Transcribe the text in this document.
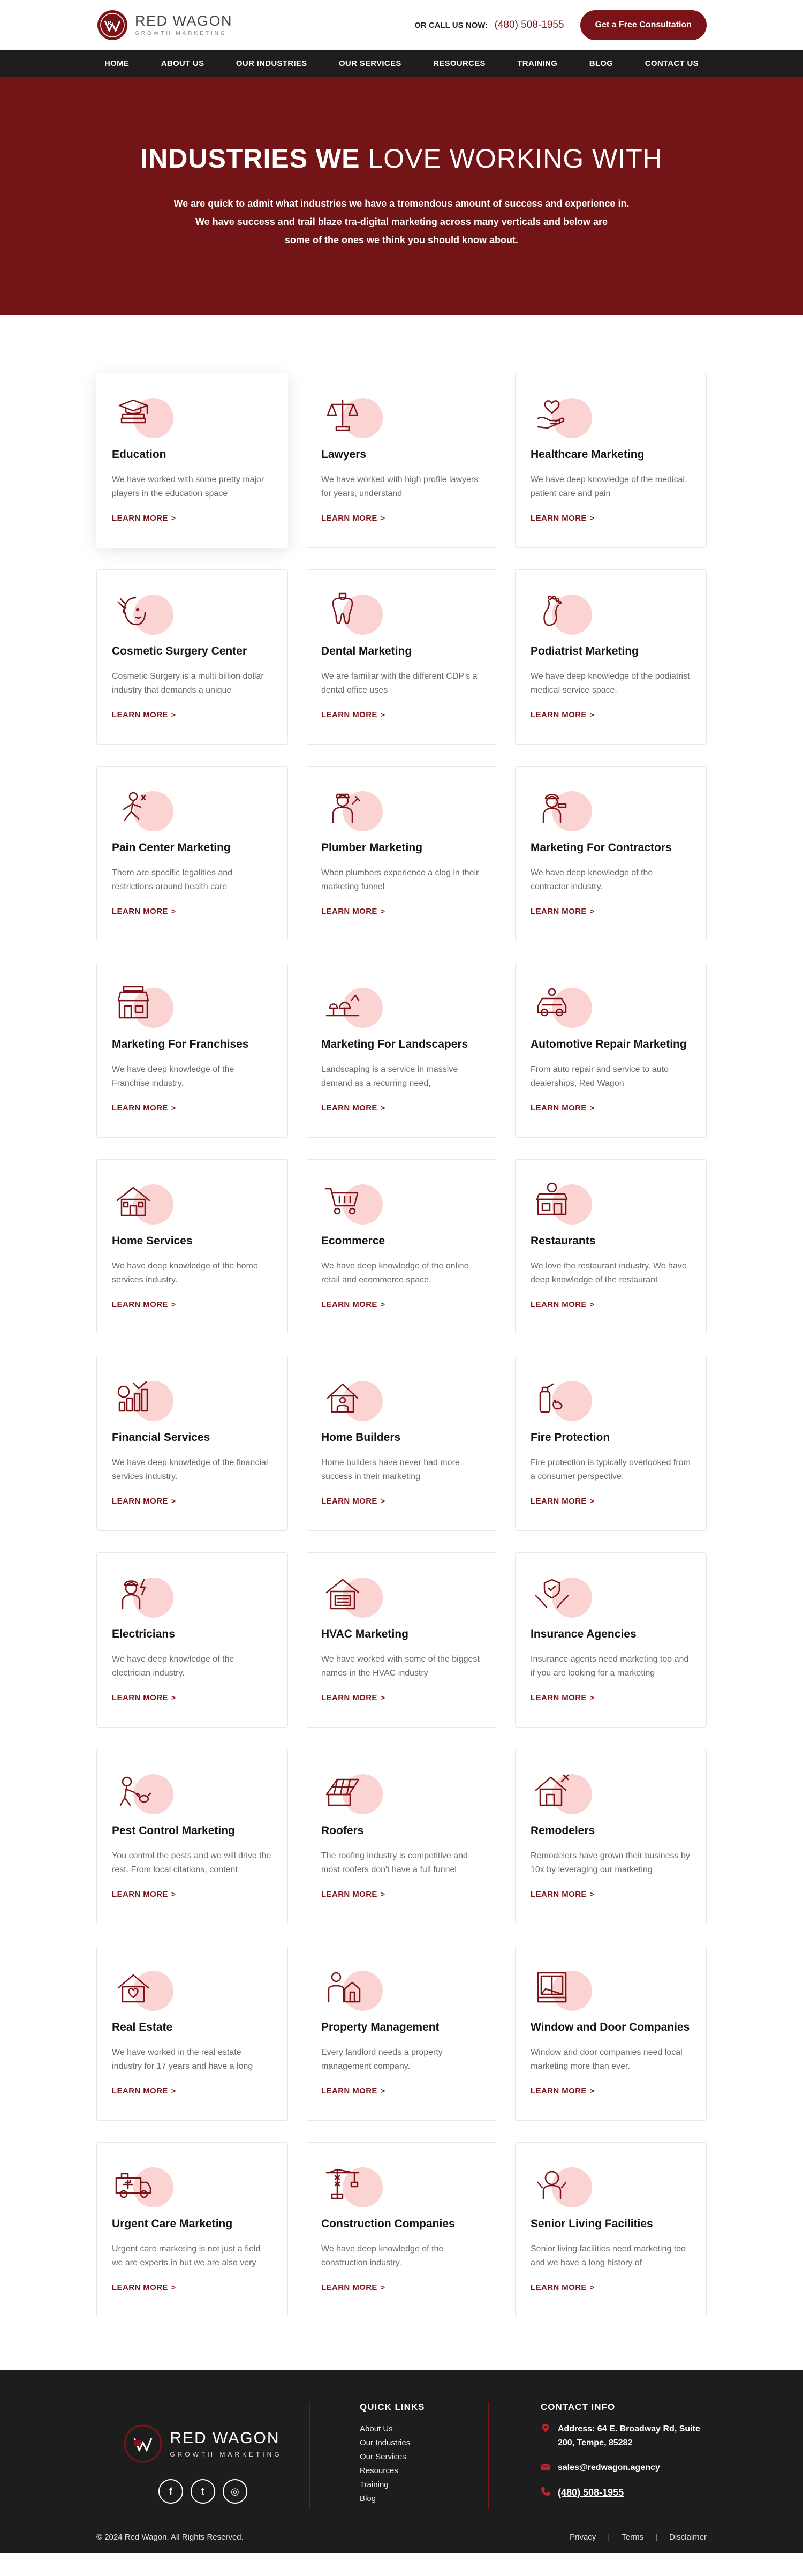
R RED WAGON
GROWTH MARKETING
OR CALL US NOW: (480) 508-1955	Get a Free Consultation
HOME	ABOUT US	OUR INDUSTRIES	OUR SERVICES	RESOURCES	TRAINING	BLOG	CONTACT US
INDUSTRIES WE LOVE WORKING WITH

We are quick to admit what industries we have a tremendous amount of success and experience in.
We have success and trail blaze tra-digital marketing across many verticals and below are
some of the ones we think you should know about.

Education
We have worked with some pretty major players in the education space
LEARN MORE >
Lawyers
We have worked with high profile lawyers for years, understand
LEARN MORE >
Healthcare Marketing
We have deep knowledge of the medical, patient care and pain
LEARN MORE >
Cosmetic Surgery Center
Cosmetic Surgery is a multi billion dollar industry that demands a unique
LEARN MORE >
Dental Marketing
We are familiar with the different CDP's a dental office uses
LEARN MORE >
Podiatrist Marketing
We have deep knowledge of the podiatrist medical service space.
LEARN MORE >
Pain Center Marketing
There are specific legalities and restrictions around health care
LEARN MORE >
Plumber Marketing
When plumbers experience a clog in their marketing funnel
LEARN MORE >
Marketing For Contractors
We have deep knowledge of the contractor industry.
LEARN MORE >
Marketing For Franchises
We have deep knowledge of the Franchise industry.
LEARN MORE >
Marketing For Landscapers
Landscaping is a service in massive demand as a recurring need,
LEARN MORE >
Automotive Repair Marketing
From auto repair and service to auto dealerships, Red Wagon
LEARN MORE >
Home Services
We have deep knowledge of the home services industry.
LEARN MORE >
Ecommerce
We have deep knowledge of the online retail and ecommerce space.
LEARN MORE >
Restaurants
We love the restaurant industry. We have deep knowledge of the restaurant
LEARN MORE >
Financial Services
We have deep knowledge of the financial services industry.
LEARN MORE >
Home Builders
Home builders have never had more success in their marketing
LEARN MORE >
Fire Protection
Fire protection is typically overlooked from a consumer perspective.
LEARN MORE >
Electricians
We have deep knowledge of the electrician industry.
LEARN MORE >
HVAC Marketing
We have worked with some of the biggest names in the HVAC industry
LEARN MORE >
Insurance Agencies
Insurance agents need marketing too and if you are looking for a marketing
LEARN MORE >
Pest Control Marketing
You control the pests and we will drive the rest. From local citations, content
LEARN MORE >
Roofers
The roofing industry is competitive and most roofers don't have a full funnel
LEARN MORE >
Remodelers
Remodelers have grown their business by 10x by leveraging our marketing
LEARN MORE >
Real Estate
We have worked in the real estate industry for 17 years and have a long
LEARN MORE >
Property Management
Every landlord needs a property management company.
LEARN MORE >
Window and Door Companies
Window and door companies need local marketing more than ever.
LEARN MORE >
Urgent Care Marketing
Urgent care marketing is not just a field we are experts in but we are also very
LEARN MORE >
Construction Companies
We have deep knowledge of the construction industry.
LEARN MORE >
Senior Living Facilities
Senior living facilities need marketing too and we have a long history of
LEARN MORE >
RED WAGON
GROWTH MARKETING
f	t	◎
QUICK LINKS
About Us
Our Industries
Our Services
Resources
Training
Blog
CONTACT INFO
Address: 64 E. Broadway Rd, Suite 200, Tempe, 85282
sales@redwagon.agency
(480) 508-1955
© 2024 Red Wagon. All Rights Reserved.	Privacy | Terms | Disclaimer
